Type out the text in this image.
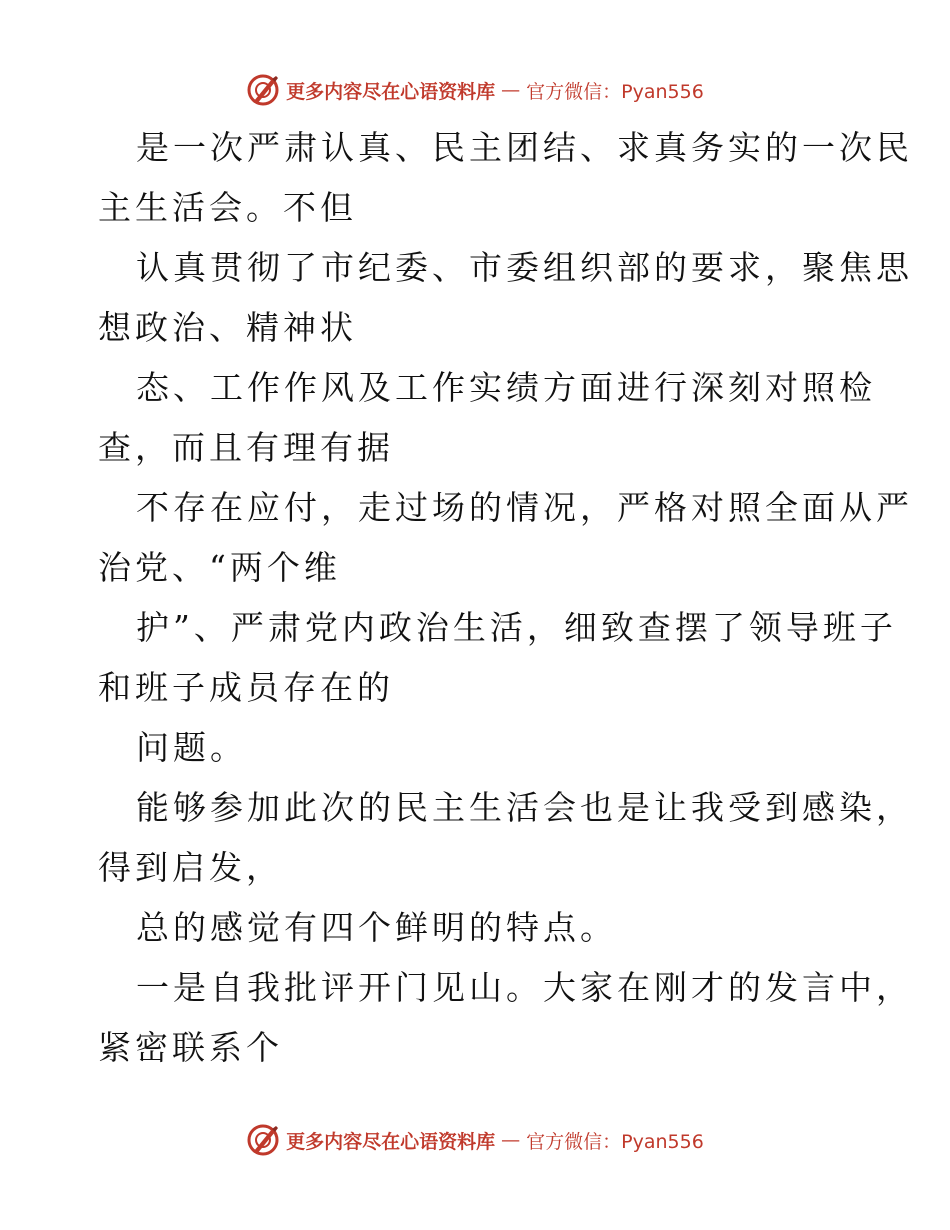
更多内容尽在心语资料库 — 官方微信：Pyan556
是一次严肃认真、民主团结、求真务实的一次民
主生活会。不但
认真贯彻了市纪委、市委组织部的要求，聚焦思
想政治、精神状
态、工作作风及工作实绩方面进行深刻对照检
查，而且有理有据
不存在应付，走过场的情况，严格对照全面从严
治党、“两个维
护”、严肃党内政治生活，细致查摆了领导班子
和班子成员存在的
问题。
能够参加此次的民主生活会也是让我受到感染，
得到启发，
总的感觉有四个鲜明的特点。
一是自我批评开门见山。大家在刚才的发言中，
紧密联系个
更多内容尽在心语资料库 — 官方微信：Pyan556
